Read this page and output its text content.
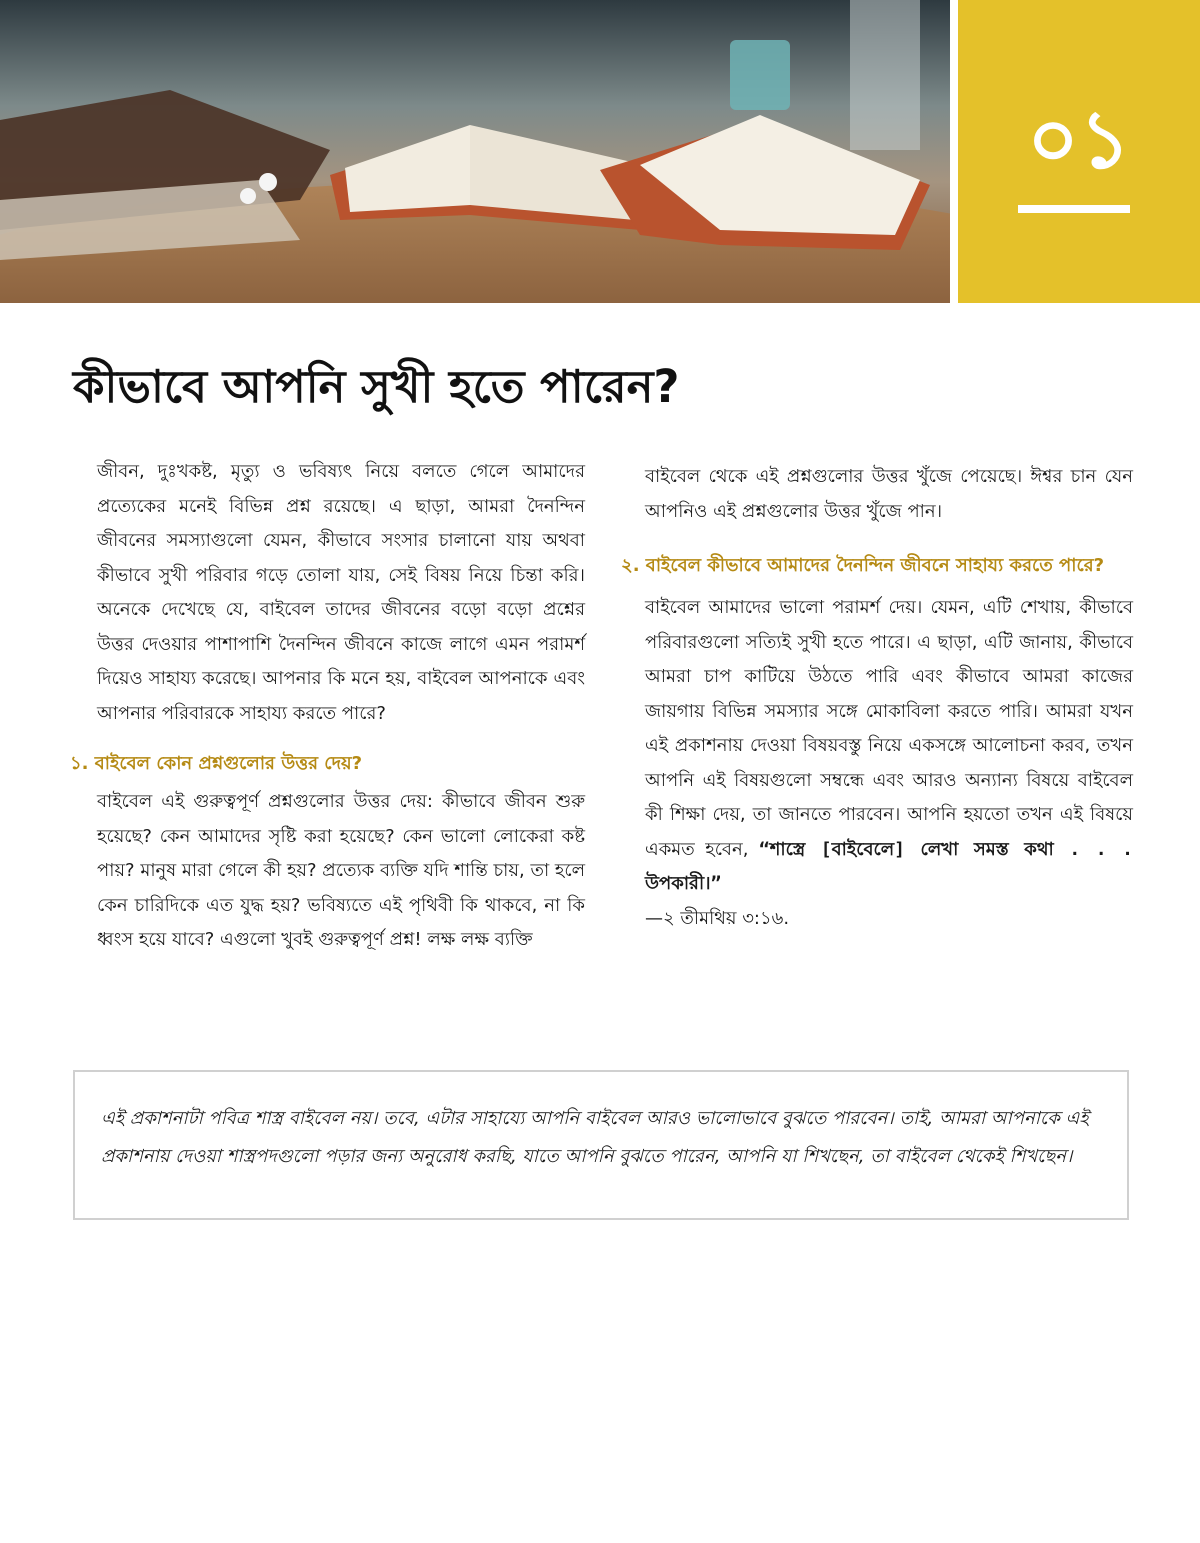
০১
কীভাবে আপনি সুখী হতে পারেন?

জীবন, দুঃখকষ্ট, মৃত্যু ও ভবিষ্যৎ নিয়ে বলতে গেলে আমাদের প্রত্যেকের মনেই বিভিন্ন প্রশ্ন রয়েছে। এ ছাড়া, আমরা দৈনন্দিন জীবনের সমস্যাগুলো যেমন, কীভাবে সংসার চালানো যায় অথবা কীভাবে সুখী পরিবার গড়ে তোলা যায়, সেই বিষয় নিয়ে চিন্তা করি। অনেকে দেখেছে যে, বাইবেল তাদের জীবনের বড়ো বড়ো প্রশ্নের উত্তর দেওয়ার পাশাপাশি দৈনন্দিন জীবনে কাজে লাগে এমন পরামর্শ দিয়েও সাহায্য করেছে। আপনার কি মনে হয়, বাইবেল আপনাকে এবং আপনার পরিবারকে সাহায্য করতে পারে?

১. বাইবেল কোন প্রশ্নগুলোর উত্তর দেয়?

বাইবেল এই গুরুত্বপূর্ণ প্রশ্নগুলোর উত্তর দেয়: কীভাবে জীবন শুরু হয়েছে? কেন আমাদের সৃষ্টি করা হয়েছে? কেন ভালো লোকেরা কষ্ট পায়? মানুষ মারা গেলে কী হয়? প্রত্যেক ব্যক্তি যদি শান্তি চায়, তা হলে কেন চারিদিকে এত যুদ্ধ হয়? ভবিষ্যতে এই পৃথিবী কি থাকবে, না কি ধ্বংস হয়ে যাবে? এগুলো খুবই গুরুত্বপূর্ণ প্রশ্ন! লক্ষ লক্ষ ব্যক্তি

বাইবেল থেকে এই প্রশ্নগুলোর উত্তর খুঁজে পেয়েছে। ঈশ্বর চান যেন আপনিও এই প্রশ্নগুলোর উত্তর খুঁজে পান।

২. বাইবেল কীভাবে আমাদের দৈনন্দিন জীবনে সাহায্য করতে পারে?

বাইবেল আমাদের ভালো পরামর্শ দেয়। যেমন, এটি শেখায়, কীভাবে পরিবারগুলো সত্যিই সুখী হতে পারে। এ ছাড়া, এটি জানায়, কীভাবে আমরা চাপ কাটিয়ে উঠতে পারি এবং কীভাবে আমরা কাজের জায়গায় বিভিন্ন সমস্যার সঙ্গে মোকাবিলা করতে পারি। আমরা যখন এই প্রকাশনায় দেওয়া বিষয়বস্তু নিয়ে একসঙ্গে আলোচনা করব, তখন আপনি এই বিষয়গুলো সম্বন্ধে এবং আরও অন্যান্য বিষয়ে বাইবেল কী শিক্ষা দেয়, তা জানতে পারবেন। আপনি হয়তো তখন এই বিষয়ে একমত হবেন, “শাস্ত্রে [বাইবেলে] লেখা সমস্ত কথা . . . উপকারী।”
—২ তীমথিয় ৩:১৬.

এই প্রকাশনাটা পবিত্র শাস্ত্র বাইবেল নয়। তবে, এটার সাহায্যে আপনি বাইবেল আরও ভালোভাবে বুঝতে পারবেন। তাই, আমরা আপনাকে এই প্রকাশনায় দেওয়া শাস্ত্রপদগুলো পড়ার জন্য অনুরোধ করছি, যাতে আপনি বুঝতে পারেন, আপনি যা শিখছেন, তা বাইবেল থেকেই শিখছেন।
